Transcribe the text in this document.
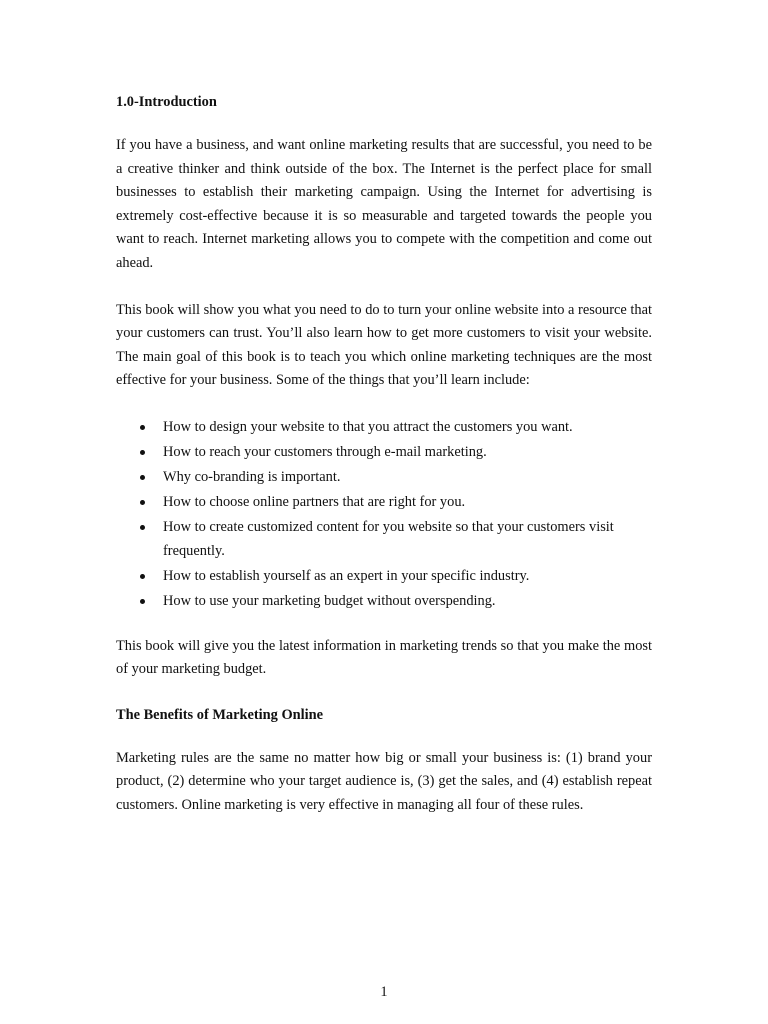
1.0-Introduction

If you have a business, and want online marketing results that are successful, you need to be a creative thinker and think outside of the box. The Internet is the perfect place for small businesses to establish their marketing campaign. Using the Internet for advertising is extremely cost-effective because it is so measurable and targeted towards the people you want to reach. Internet marketing allows you to compete with the competition and come out ahead.

This book will show you what you need to do to turn your online website into a resource that your customers can trust. You’ll also learn how to get more customers to visit your website. The main goal of this book is to teach you which online marketing techniques are the most effective for your business. Some of the things that you’ll learn include:

How to design your website to that you attract the customers you want.
How to reach your customers through e-mail marketing.
Why co-branding is important.
How to choose online partners that are right for you.
How to create customized content for you website so that your customers visit frequently.
How to establish yourself as an expert in your specific industry.
How to use your marketing budget without overspending.

This book will give you the latest information in marketing trends so that you make the most of your marketing budget.

The Benefits of Marketing Online

Marketing rules are the same no matter how big or small your business is: (1) brand your product, (2) determine who your target audience is, (3) get the sales, and (4) establish repeat customers. Online marketing is very effective in managing all four of these rules.

1
